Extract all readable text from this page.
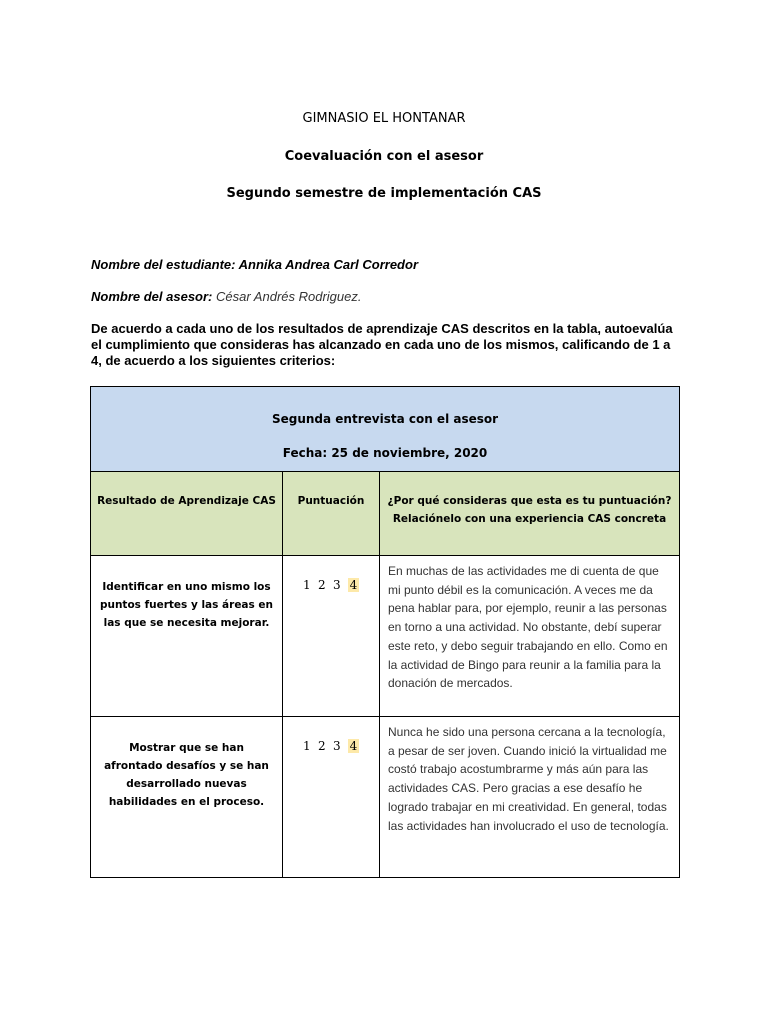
GIMNASIO EL HONTANAR
Coevaluación con el asesor
Segundo semestre de implementación CAS
Nombre del estudiante: Annika Andrea Carl Corredor
Nombre del asesor: César Andrés Rodriguez.
De acuerdo a cada uno de los resultados de aprendizaje CAS descritos en la tabla, autoevalúa el cumplimiento que consideras has alcanzado en cada uno de los mismos, calificando de 1 a 4, de acuerdo a los siguientes criterios:
Segunda entrevista con el asesor
Fecha: 25 de noviembre, 2020		

Resultado de Aprendizaje CAS	Puntuación	¿Por qué consideras que esta es tu puntuación? Relaciónelo con una experiencia CAS concreta

Identificar en uno mismo los puntos fuertes y las áreas en las que se necesita mejorar.	1 2 3 4	En muchas de las actividades me di cuenta de que mi punto débil es la comunicación. A veces me da pena hablar para, por ejemplo, reunir a las personas en torno a una actividad. No obstante, debí superar este reto, y debo seguir trabajando en ello. Como en la actividad de Bingo para reunir a la familia para la donación de mercados.
Mostrar que se han afrontado desafíos y se han desarrollado nuevas habilidades en el proceso.	1 2 3 4	Nunca he sido una persona cercana a la tecnología, a pesar de ser joven. Cuando inició la virtualidad me costó trabajo acostumbrarme y más aún para las actividades CAS. Pero gracias a ese desafío he logrado trabajar en mi creatividad. En general, todas las actividades han involucrado el uso de tecnología.
